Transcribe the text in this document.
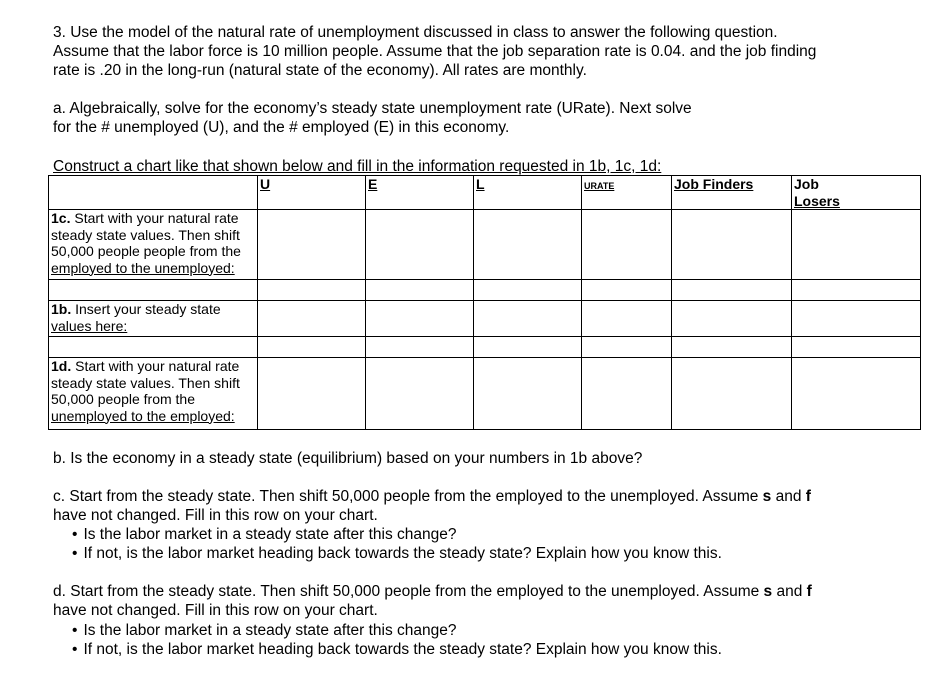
3. Use the model of the natural rate of unemployment discussed in class to answer the following question.
Assume that the labor force is 10 million people. Assume that the job separation rate is 0.04. and the job finding
rate is .20 in the long-run (natural state of the economy). All rates are monthly.
a. Algebraically, solve for the economy’s steady state unemployment rate (URate). Next solve
for the # unemployed (U), and the # employed (E) in this economy.
Construct a chart like that shown below and fill in the information requested in 1b, 1c, 1d:
	U	E	L	URATE	Job Finders	Job
Losers

1c. Start with your natural rate
steady state values. Then shift
50,000 people people from the
employed to the unemployed:						

1b. Insert your steady state
values here:						

1d. Start with your natural rate
steady state values. Then shift
50,000 people from the
unemployed to the employed:						
b. Is the economy in a steady state (equilibrium) based on your numbers in 1b above?
c. Start from the steady state. Then shift 50,000 people from the employed to the unemployed. Assume s and f
have not changed. Fill in this row on your chart.
• Is the labor market in a steady state after this change?
• If not, is the labor market heading back towards the steady state? Explain how you know this.
d. Start from the steady state. Then shift 50,000 people from the employed to the unemployed. Assume s and f
have not changed. Fill in this row on your chart.
• Is the labor market in a steady state after this change?
• If not, is the labor market heading back towards the steady state? Explain how you know this.
